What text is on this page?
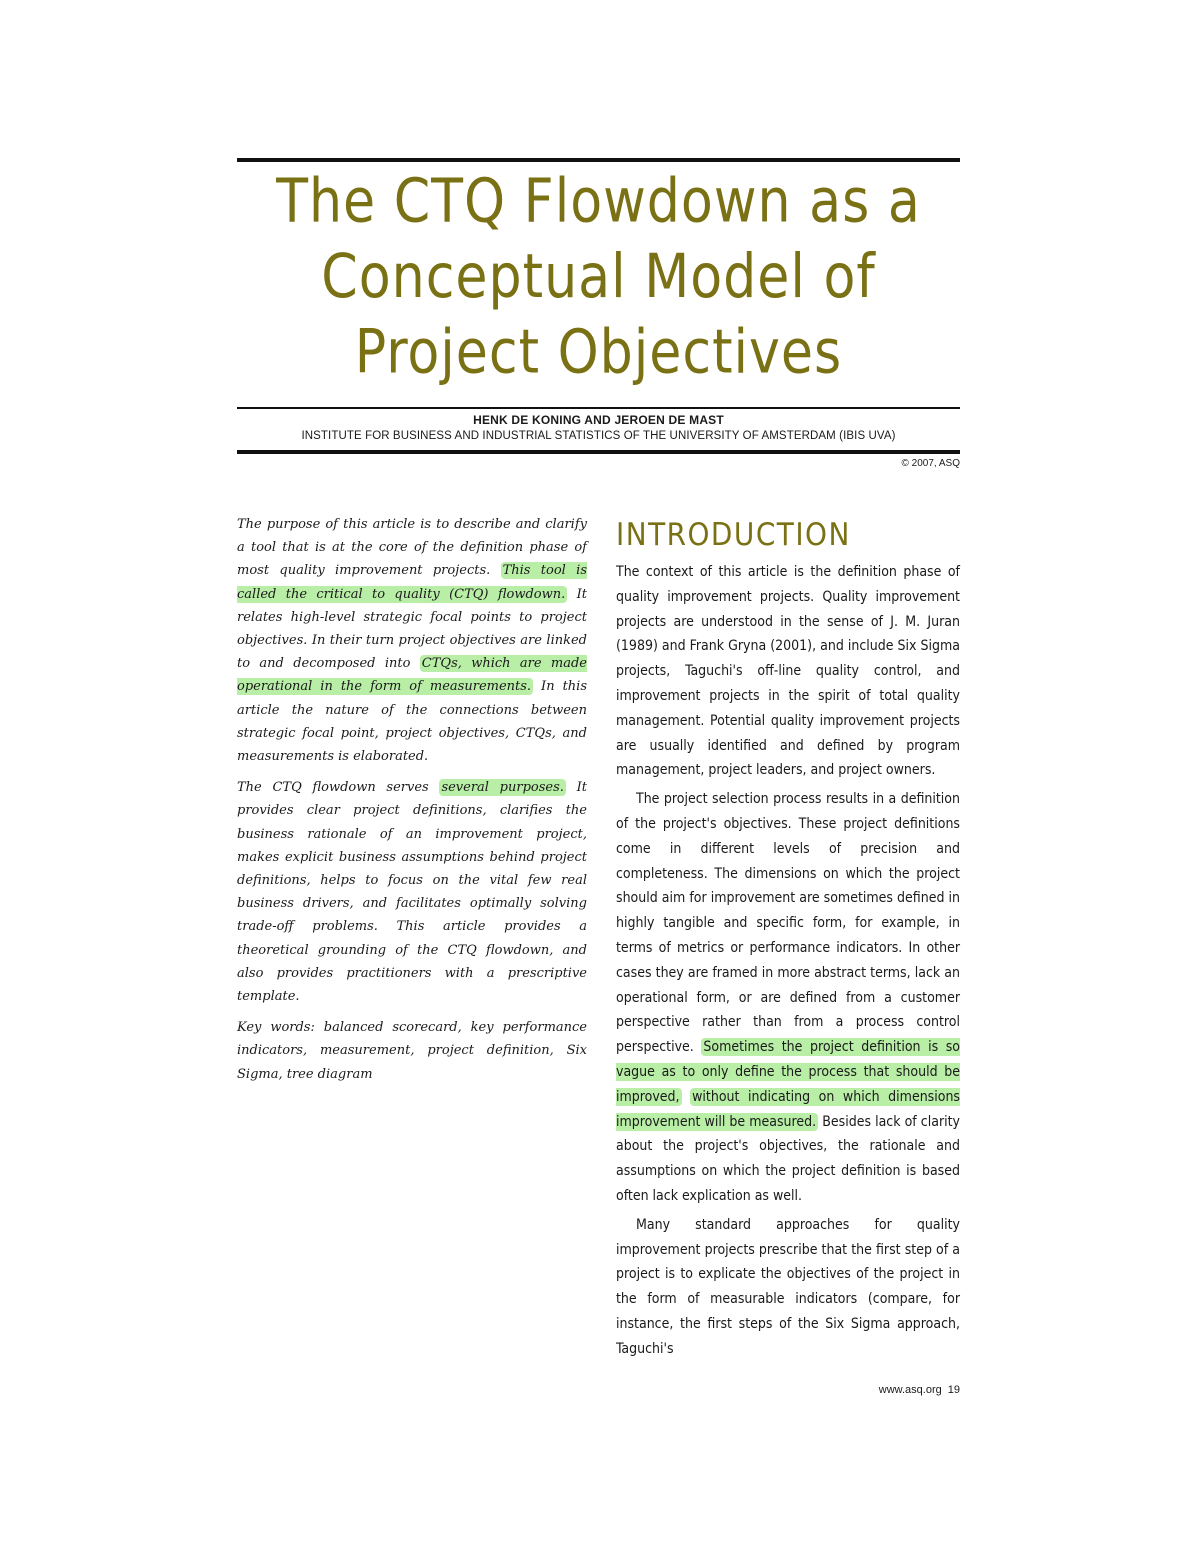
The CTQ Flowdown as a
Conceptual Model of
Project Objectives
HENK DE KONING AND JEROEN DE MAST
INSTITUTE FOR BUSINESS AND INDUSTRIAL STATISTICS OF THE UNIVERSITY OF AMSTERDAM (IBIS UVA)
© 2007, ASQ

The purpose of this article is to describe and clarify a tool that is at the core of the definition phase of most quality improvement projects. This tool is called the critical to quality (CTQ) flowdown. It relates high-level strategic focal points to project objectives. In their turn project objectives are linked to and decomposed into CTQs, which are made operational in the form of measurements. In this article the nature of the connections between strategic focal point, project objectives, CTQs, and measurements is elaborated.

The CTQ flowdown serves several purposes. It provides clear project definitions, clarifies the business rationale of an improvement project, makes explicit business assumptions behind project definitions, helps to focus on the vital few real business drivers, and facilitates optimally solving trade-off problems. This article provides a theoretical grounding of the CTQ flowdown, and also provides practitioners with a prescriptive template.

Key words: balanced scorecard, key performance indicators, measurement, project definition, Six Sigma, tree diagram

INTRODUCTION

The context of this article is the definition phase of quality improvement projects. Quality improvement projects are understood in the sense of J. M. Juran (1989) and Frank Gryna (2001), and include Six Sigma projects, Taguchi's off-line quality control, and improvement projects in the spirit of total quality management. Potential quality improvement projects are usually identified and defined by program management, project leaders, and project owners.

The project selection process results in a definition of the project's objectives. These project definitions come in different levels of precision and completeness. The dimensions on which the project should aim for improvement are sometimes defined in highly tangible and specific form, for example, in terms of metrics or performance indicators. In other cases they are framed in more abstract terms, lack an operational form, or are defined from a customer perspective rather than from a process control perspective. Sometimes the project definition is so vague as to only define the process that should be improved, without indicating on which dimensions improvement will be measured. Besides lack of clarity about the project's objectives, the rationale and assumptions on which the project definition is based often lack explication as well.

Many standard approaches for quality improvement projects prescribe that the first step of a project is to explicate the objectives of the project in the form of measurable indicators (compare, for instance, the first steps of the Six Sigma approach, Taguchi's

www.asq.org 19
